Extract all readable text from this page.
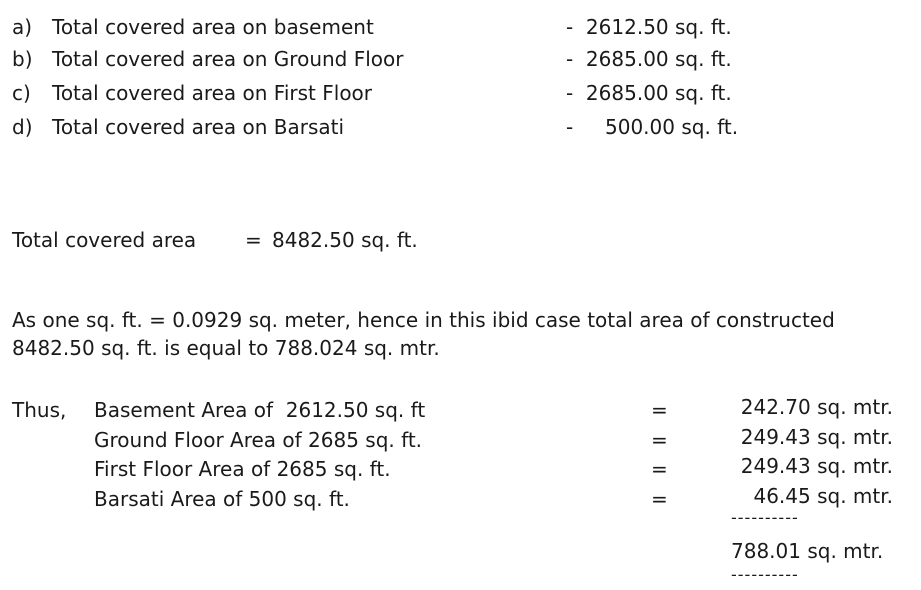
a) Total covered area on basement	-  2612.50 sq. ft.
b) Total covered area on Ground Floor	-  2685.00 sq. ft.
c) Total covered area on First Floor	-  2685.00 sq. ft.
d) Total covered area on Barsati	-     500.00 sq. ft.
Total covered area = 8482.50 sq. ft.
As one sq. ft. = 0.0929 sq. meter, hence in this ibid case total area of constructed
8482.50 sq. ft. is equal to 788.024 sq. mtr.
Thus, Basement Area of  2612.50 sq. ft	=	242.70 sq. mtr.
Ground Floor Area of 2685 sq. ft.	=	249.43 sq. mtr.
First Floor Area of 2685 sq. ft.	=	249.43 sq. mtr.
Barsati Area of 500 sq. ft.	=	46.45 sq. mtr.
----------
788.01 sq. mtr.
----------
